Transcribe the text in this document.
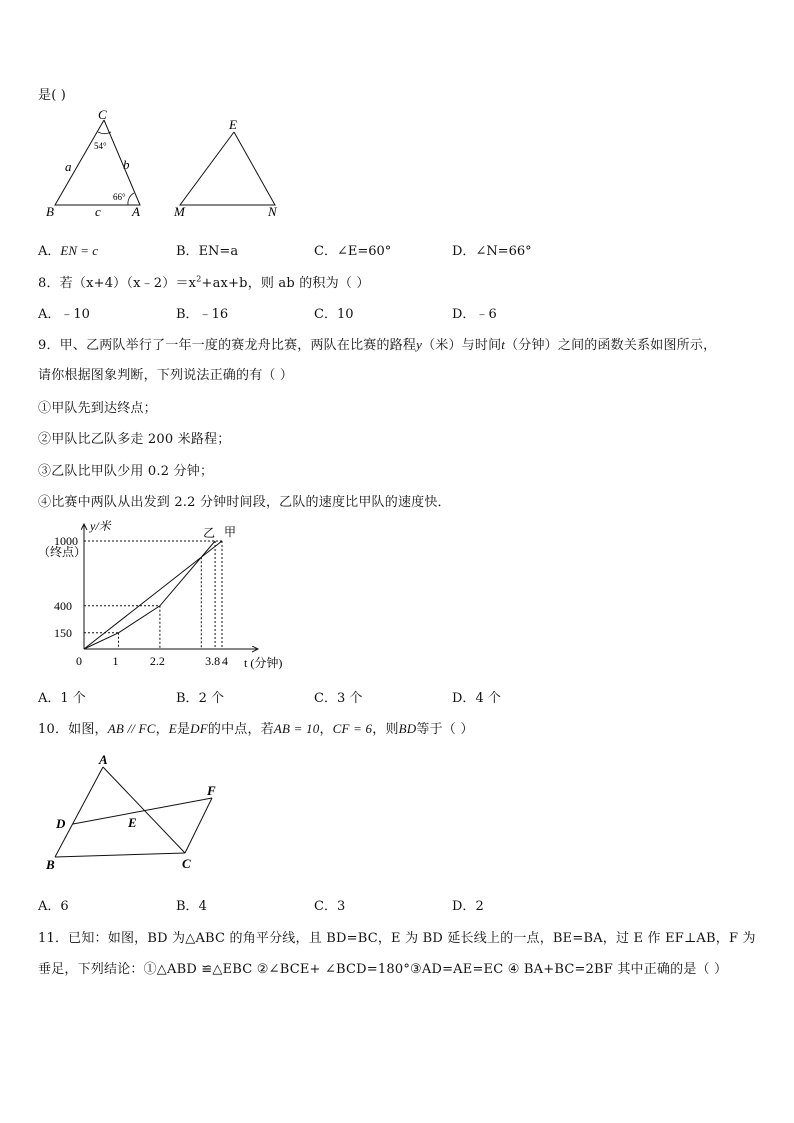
是( )
C
54°
a	b
66°
B	c A
E
M	N
A．EN = c	B．EN=a	C．∠E=60°	D．∠N=66°
8．若$(x+4)(x﹣2)=x^2+ax+b$，则 ab 的积为（ ）
A．﹣10	B．﹣16	C．10	D．﹣6
9．甲、乙两队举行了一年一度的赛龙舟比赛，两队在比赛的路程y（米）与时间t（分钟）之间的函数关系如图所示，
请你根据图象判断，下列说法正确的有（ ）
①甲队先到达终点；
②甲队比乙队多走 200 米路程；
③乙队比甲队少用 0.2 分钟；
④比赛中两队从出发到 2.2 分钟时间段，乙队的速度比甲队的速度快．
y/米
（终点）
t (分钟)
0
1000
400
150
1	2.2	3.8 4
乙 甲
A．1 个	B．2 个	C．3 个	D．4 个
10．如图，AB // FC，E是DF的中点，若AB = 10，CF = 6，则BD等于（ ）
A
F
D	E
B	C
A．6	B．4	C．3	D．2
11．已知：如图，BD 为△ABC 的角平分线，且 BD=BC，E 为 BD 延长线上的一点，BE=BA，过 E 作 EF⊥AB，F 为
垂足，下列结论：①△ABD ≌△EBC ②∠BCE+ ∠BCD=180°③AD=AE=EC ④ BA+BC=2BF 其中正确的是（ ）
